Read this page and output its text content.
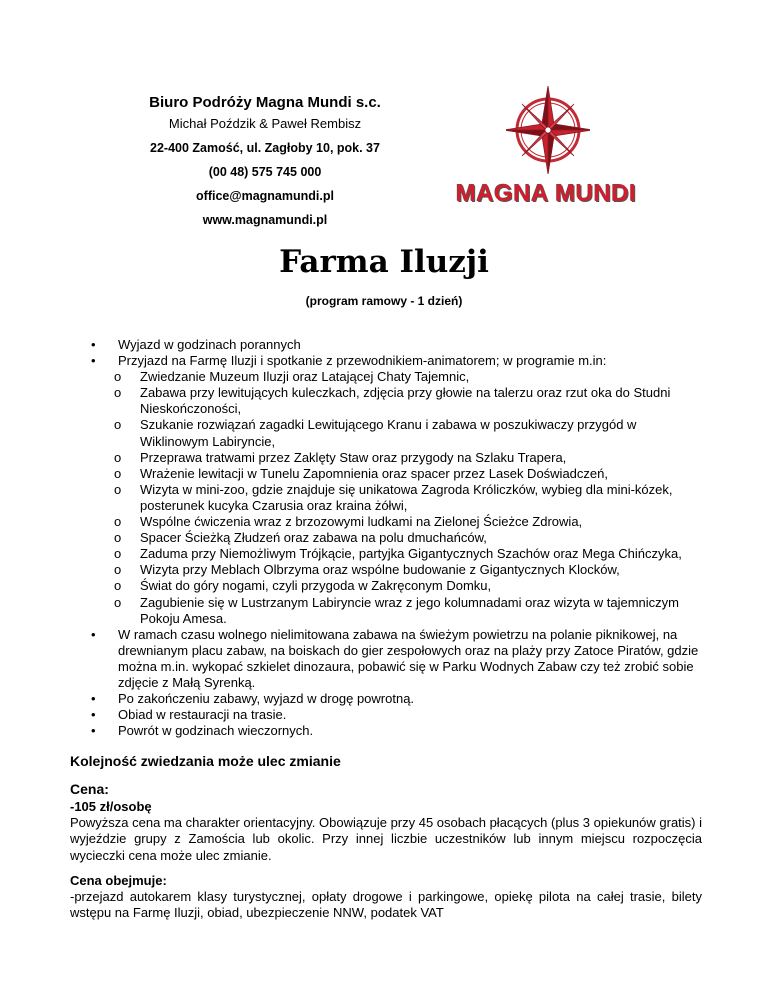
Biuro Podróży Magna Mundi s.c.
Michał Poździk & Paweł Rembisz
22-400 Zamość, ul. Zagłoby 10, pok. 37
(00 48) 575 745 000
office@magnamundi.pl
www.magnamundi.pl
MAGNA MUNDI
Farma Iluzji
(program ramowy - 1 dzień)
• Wyjazd w godzinach porannych
• Przyjazd na Farmę Iluzji i spotkanie z przewodnikiem-animatorem; w programie m.in:
o Zwiedzanie Muzeum Iluzji oraz Latającej Chaty Tajemnic,
o Zabawa przy lewitujących kuleczkach, zdjęcia przy głowie na talerzu oraz rzut oka do Studni Nieskończoności,
o Szukanie rozwiązań zagadki Lewitującego Kranu i zabawa w poszukiwaczy przygód w Wiklinowym Labiryncie,
o Przeprawa tratwami przez Zaklęty Staw oraz przygody na Szlaku Trapera,
o Wrażenie lewitacji w Tunelu Zapomnienia oraz spacer przez Lasek Doświadczeń,
o Wizyta w mini-zoo, gdzie znajduje się unikatowa Zagroda Króliczków, wybieg dla mini-kózek, posterunek kucyka Czarusia oraz kraina żółwi,
o Wspólne ćwiczenia wraz z brzozowymi ludkami na Zielonej Ścieżce Zdrowia,
o Spacer Ścieżką Złudzeń oraz zabawa na polu dmuchańców,
o Zaduma przy Niemożliwym Trójkącie, partyjka Gigantycznych Szachów oraz Mega Chińczyka,
o Wizyta przy Meblach Olbrzyma oraz wspólne budowanie z Gigantycznych Klocków,
o Świat do góry nogami, czyli przygoda w Zakręconym Domku,
o Zagubienie się w Lustrzanym Labiryncie wraz z jego kolumnadami oraz wizyta w tajemniczym Pokoju Amesa.
• W ramach czasu wolnego nielimitowana zabawa na świeżym powietrzu na polanie piknikowej, na drewnianym placu zabaw, na boiskach do gier zespołowych oraz na plaży przy Zatoce Piratów, gdzie można m.in. wykopać szkielet dinozaura, pobawić się w Parku Wodnych Zabaw czy też zrobić sobie zdjęcie z Małą Syrenką.
• Po zakończeniu zabawy, wyjazd w drogę powrotną.
• Obiad w restauracji na trasie.
• Powrót w godzinach wieczornych.
Kolejność zwiedzania może ulec zmianie
Cena:
-105 zł/osobę
Powyższa cena ma charakter orientacyjny. Obowiązuje przy 45 osobach płacących (plus 3 opiekunów gratis) i wyjeździe grupy z Zamościa lub okolic. Przy innej liczbie uczestników lub innym miejscu rozpoczęcia wycieczki cena może ulec zmianie.
Cena obejmuje:
-przejazd autokarem klasy turystycznej, opłaty drogowe i parkingowe, opiekę pilota na całej trasie, bilety wstępu na Farmę Iluzji, obiad, ubezpieczenie NNW, podatek VAT
